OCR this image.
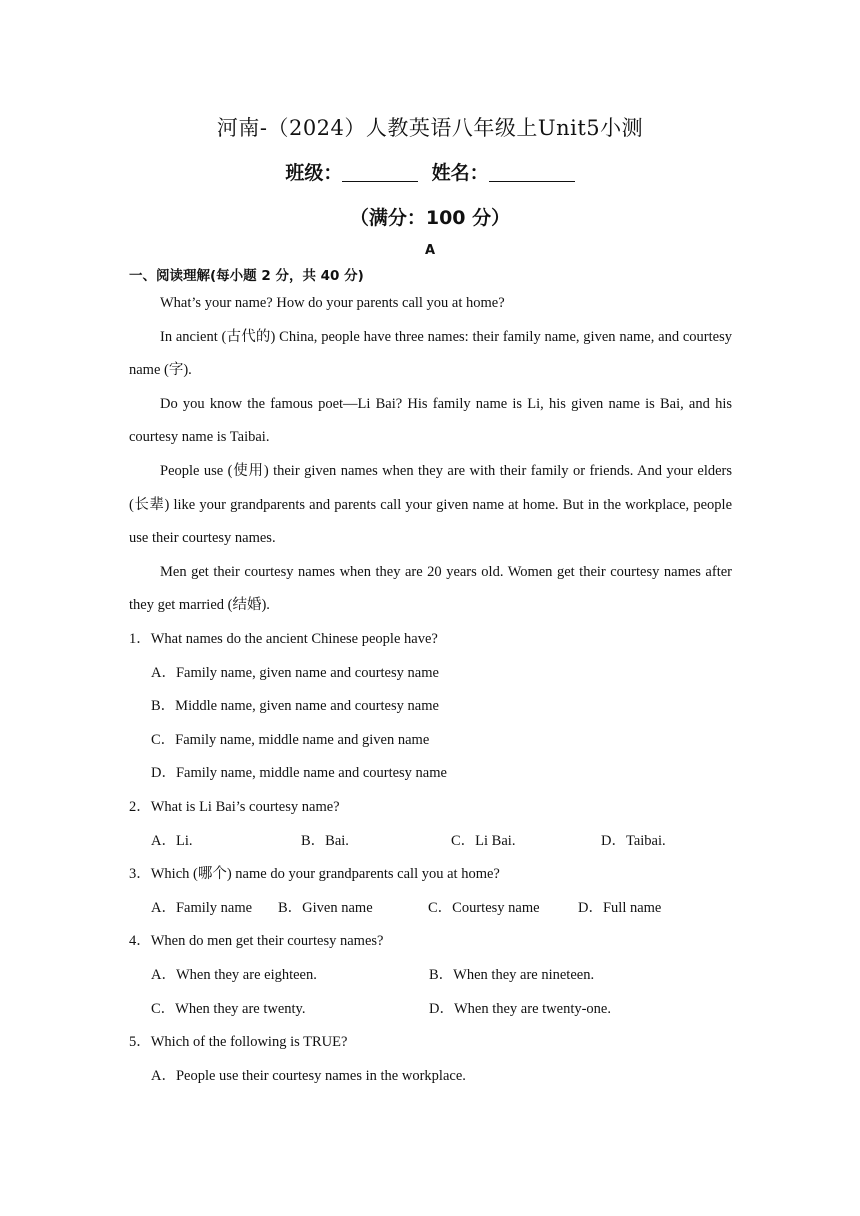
河南-（2024）人教英语八年级上Unit5小测
班级：	姓名：
（满分：100 分）
A
一、阅读理解(每小题 2 分，共 40 分)

What’s your name? How do your parents call you at home?

In ancient (古代的) China, people have three names: their family name, given name, and courtesy name (字).

Do you know the famous poet—Li Bai? His family name is Li, his given name is Bai, and his courtesy name is Taibai.

People use (使用) their given names when they are with their family or friends. And your elders (长辈) like your grandparents and parents call your given name at home. But in the workplace, people use their courtesy names.

Men get their courtesy names when they are 20 years old. Women get their courtesy names after they get married (结婚).

1．What names do the ancient Chinese people have?

A．Family name, given name and courtesy name

B．Middle name, given name and courtesy name

C．Family name, middle name and given name

D．Family name, middle name and courtesy name

2．What is Li Bai’s courtesy name?

A．Li.	B．Bai.	C．Li Bai.	D．Taibai.

3．Which (哪个) name do your grandparents call you at home?

A．Family name	B．Given name	C．Courtesy name	D．Full name

4．When do men get their courtesy names?

A．When they are eighteen.	B．When they are nineteen.
C．When they are twenty.	D．When they are twenty-one.

5．Which of the following is TRUE?

A．People use their courtesy names in the workplace.
